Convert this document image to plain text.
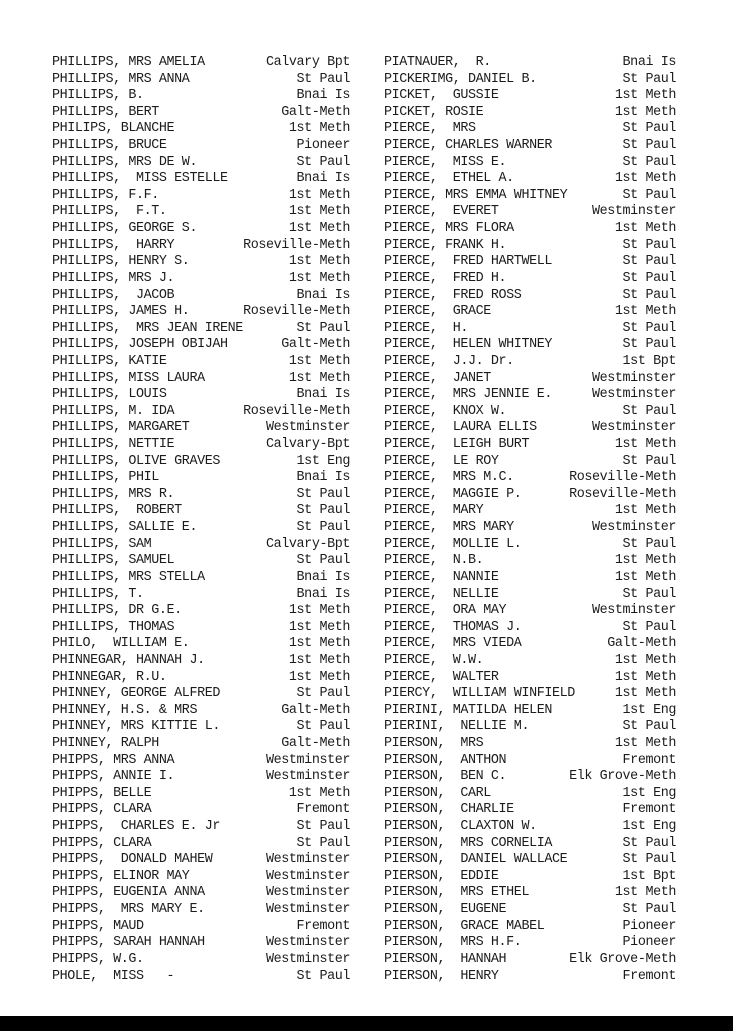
PHILLIPS, MRS AMELIA	Calvary Bpt
PHILLIPS, MRS ANNA	St Paul
PHILLIPS, B.	Bnai Is
PHILLIPS, BERT	Galt-Meth
PHILIPS, BLANCHE	1st Meth
PHILLIPS, BRUCE	Pioneer
PHILLIPS, MRS DE W.	St Paul
PHILLIPS,  MISS ESTELLE	Bnai Is
PHILLIPS, F.F.	1st Meth
PHILLIPS,  F.T.	1st Meth
PHILLIPS, GEORGE S.	1st Meth
PHILLIPS,  HARRY	Roseville-Meth
PHILLIPS, HENRY S.	1st Meth
PHILLIPS, MRS J.	1st Meth
PHILLIPS,  JACOB	Bnai Is
PHILLIPS, JAMES H.	Roseville-Meth
PHILLIPS,  MRS JEAN IRENE	St Paul
PHILLIPS, JOSEPH OBIJAH	Galt-Meth
PHILLIPS, KATIE	1st Meth
PHILLIPS, MISS LAURA	1st Meth
PHILLIPS, LOUIS	Bnai Is
PHILLIPS, M. IDA	Roseville-Meth
PHILLIPS, MARGARET	Westminster
PHILLIPS, NETTIE	Calvary-Bpt
PHILLIPS, OLIVE GRAVES	1st Eng
PHILLIPS, PHIL	Bnai Is
PHILLIPS, MRS R.	St Paul
PHILLIPS,  ROBERT	St Paul
PHILLIPS, SALLIE E.	St Paul
PHILLIPS, SAM	Calvary-Bpt
PHILLIPS, SAMUEL	St Paul
PHILLIPS, MRS STELLA	Bnai Is
PHILLIPS, T.	Bnai Is
PHILLIPS, DR G.E.	1st Meth
PHILLIPS, THOMAS	1st Meth
PHILO,  WILLIAM E.	1st Meth
PHINNEGAR, HANNAH J.	1st Meth
PHINNEGAR, R.U.	1st Meth
PHINNEY, GEORGE ALFRED	St Paul
PHINNEY, H.S. & MRS	Galt-Meth
PHINNEY, MRS KITTIE L.	St Paul
PHINNEY, RALPH	Galt-Meth
PHIPPS, MRS ANNA	Westminster
PHIPPS, ANNIE I.	Westminster
PHIPPS, BELLE	1st Meth
PHIPPS, CLARA	Fremont
PHIPPS,  CHARLES E. Jr	St Paul
PHIPPS, CLARA	St Paul
PHIPPS,  DONALD MAHEW	Westminster
PHIPPS, ELINOR MAY	Westminster
PHIPPS, EUGENIA ANNA	Westminster
PHIPPS,  MRS MARY E.	Westminster
PHIPPS, MAUD	Fremont
PHIPPS, SARAH HANNAH	Westminster
PHIPPS, W.G.	Westminster
PHOLE,  MISS   -	St Paul
PIATNAUER,  R.	Bnai Is
PICKERIMG, DANIEL B.	St Paul
PICKET,  GUSSIE	1st Meth
PICKET, ROSIE	1st Meth
PIERCE,  MRS	St Paul
PIERCE, CHARLES WARNER	St Paul
PIERCE,  MISS E.	St Paul
PIERCE,  ETHEL A.	1st Meth
PIERCE, MRS EMMA WHITNEY	St Paul
PIERCE,  EVERET	Westminster
PIERCE, MRS FLORA	1st Meth
PIERCE, FRANK H.	St Paul
PIERCE,  FRED HARTWELL	St Paul
PIERCE,  FRED H.	St Paul
PIERCE,  FRED ROSS	St Paul
PIERCE,  GRACE	1st Meth
PIERCE,  H.	St Paul
PIERCE,  HELEN WHITNEY	St Paul
PIERCE,  J.J. Dr.	1st Bpt
PIERCE,  JANET	Westminster
PIERCE,  MRS JENNIE E.	Westminster
PIERCE,  KNOX W.	St Paul
PIERCE,  LAURA ELLIS	Westminster
PIERCE,  LEIGH BURT	1st Meth
PIERCE,  LE ROY	St Paul
PIERCE,  MRS M.C.	Roseville-Meth
PIERCE,  MAGGIE P.	Roseville-Meth
PIERCE,  MARY	1st Meth
PIERCE,  MRS MARY	Westminster
PIERCE,  MOLLIE L.	St Paul
PIERCE,  N.B.	1st Meth
PIERCE,  NANNIE	1st Meth
PIERCE,  NELLIE	St Paul
PIERCE,  ORA MAY	Westminster
PIERCE,  THOMAS J.	St Paul
PIERCE,  MRS VIEDA	Galt-Meth
PIERCE,  W.W.	1st Meth
PIERCE,  WALTER	1st Meth
PIERCY,  WILLIAM WINFIELD	1st Meth
PIERINI, MATILDA HELEN	1st Eng
PIERINI,  NELLIE M.	St Paul
PIERSON,  MRS	1st Meth
PIERSON,  ANTHON	Fremont
PIERSON,  BEN C.	Elk Grove-Meth
PIERSON,  CARL	1st Eng
PIERSON,  CHARLIE	Fremont
PIERSON,  CLAXTON W.	1st Eng
PIERSON,  MRS CORNELIA	St Paul
PIERSON,  DANIEL WALLACE	St Paul
PIERSON,  EDDIE	1st Bpt
PIERSON,  MRS ETHEL	1st Meth
PIERSON,  EUGENE	St Paul
PIERSON,  GRACE MABEL	Pioneer
PIERSON,  MRS H.F.	Pioneer
PIERSON,  HANNAH	Elk Grove-Meth
PIERSON,  HENRY	Fremont
